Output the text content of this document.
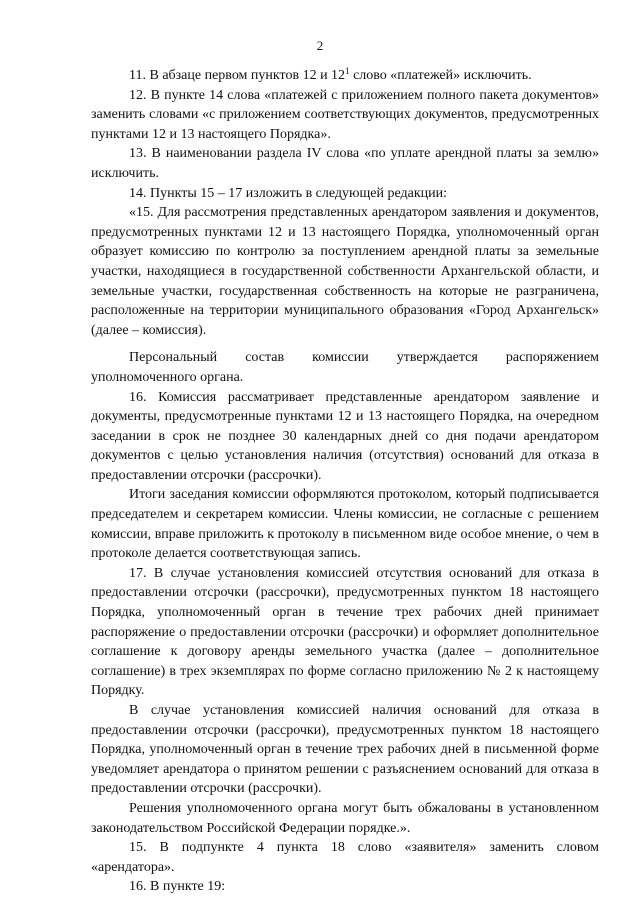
2

11. В абзаце первом пунктов 12 и $12^1$ слово «платежей» исключить.

12. В пункте 14 слова «платежей с приложением полного пакета документов» заменить словами «с приложением соответствующих документов, предусмотренных пунктами 12 и 13 настоящего Порядка».

13. В наименовании раздела IV слова «по уплате арендной платы за землю» исключить.

14. Пункты 15 – 17 изложить в следующей редакции:

«15. Для рассмотрения представленных арендатором заявления и документов, предусмотренных пунктами 12 и 13 настоящего Порядка, уполномоченный орган образует комиссию по контролю за поступлением арендной платы за земельные участки, находящиеся в государственной собственности Архангельской области, и земельные участки, государственная собственность на которые не разграничена, расположенные на территории муниципального образования «Город Архангельск» (далее – комиссия).

Персональный состав комиссии утверждается распоряжением уполномоченного органа.

16. Комиссия рассматривает представленные арендатором заявление и документы, предусмотренные пунктами 12 и 13 настоящего Порядка, на очередном заседании в срок не позднее 30 календарных дней со дня подачи арендатором документов с целью установления наличия (отсутствия) оснований для отказа в предоставлении отсрочки (рассрочки).

Итоги заседания комиссии оформляются протоколом, который подписывается председателем и секретарем комиссии. Члены комиссии, не согласные с решением комиссии, вправе приложить к протоколу в письменном виде особое мнение, о чем в протоколе делается соответствующая запись.

17. В случае установления комиссией отсутствия оснований для отказа в предоставлении отсрочки (рассрочки), предусмотренных пунктом 18 настоящего Порядка, уполномоченный орган в течение трех рабочих дней принимает распоряжение о предоставлении отсрочки (рассрочки) и оформляет дополнительное соглашение к договору аренды земельного участка (далее – дополнительное соглашение) в трех экземплярах по форме согласно приложению № 2 к настоящему Порядку.

В случае установления комиссией наличия оснований для отказа в предоставлении отсрочки (рассрочки), предусмотренных пунктом 18 настоящего Порядка, уполномоченный орган в течение трех рабочих дней в письменной форме уведомляет арендатора о принятом решении с разъяснением оснований для отказа в предоставлении отсрочки (рассрочки).

Решения уполномоченного органа могут быть обжалованы в установленном законодательством Российской Федерации порядке.».

15. В подпункте 4 пункта 18 слово «заявителя» заменить словом «арендатора».

16. В пункте 19:
